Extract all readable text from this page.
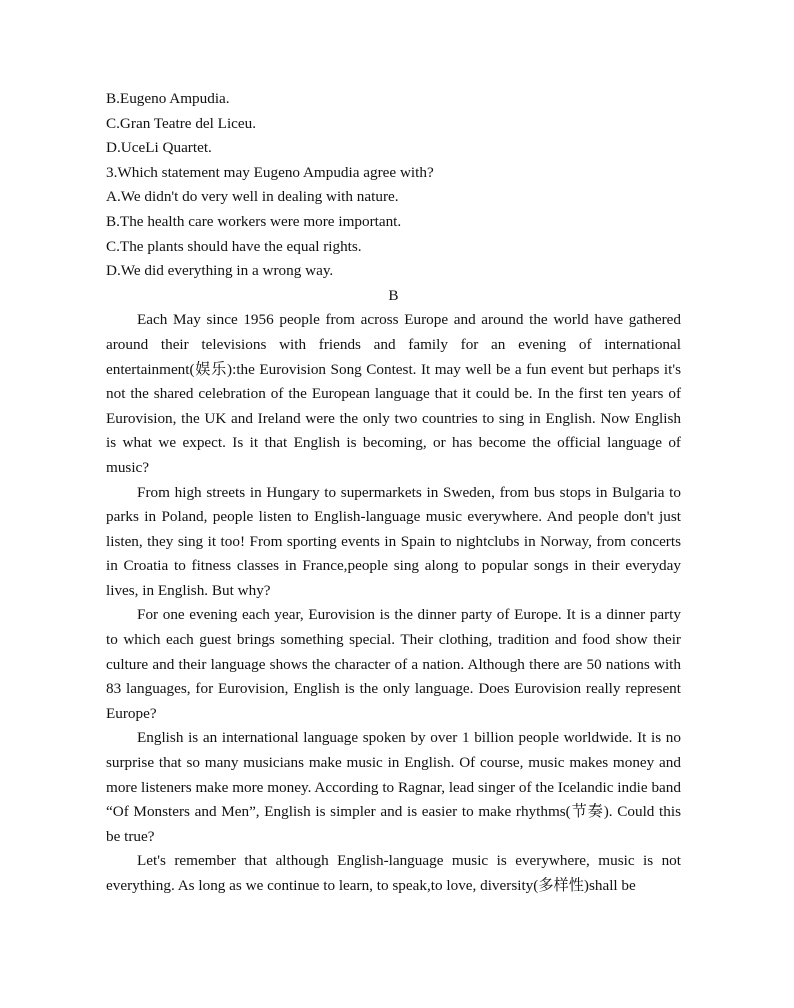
B.Eugeno Ampudia.

C.Gran Teatre del Liceu.

D.UceLi Quartet.

3.Which statement may Eugeno Ampudia agree with?

A.We didn't do very well in dealing with nature.

B.The health care workers were more important.

C.The plants should have the equal rights.

D.We did everything in a wrong way.

B

Each May since 1956 people from across Europe and around the world have gathered around their televisions with friends and family for an evening of international entertainment(娱乐):the Eurovision Song Contest. It may well be a fun event but perhaps it's not the shared celebration of the European language that it could be. In the first ten years of Eurovision, the UK and Ireland were the only two countries to sing in English. Now English is what we expect. Is it that English is becoming, or has become the official language of music?

From high streets in Hungary to supermarkets in Sweden, from bus stops in Bulgaria to parks in Poland, people listen to English-language music everywhere. And people don't just listen, they sing it too! From sporting events in Spain to nightclubs in Norway, from concerts in Croatia to fitness classes in France,people sing along to popular songs in their everyday lives, in English. But why?

For one evening each year, Eurovision is the dinner party of Europe. It is a dinner party to which each guest brings something special. Their clothing, tradition and food show their culture and their language shows the character of a nation. Although there are 50 nations with 83 languages, for Eurovision, English is the only language. Does Eurovision really represent Europe?

English is an international language spoken by over 1 billion people worldwide. It is no surprise that so many musicians make music in English. Of course, music makes money and more listeners make more money. According to Ragnar, lead singer of the Icelandic indie band “Of Monsters and Men”, English is simpler and is easier to make rhythms(节奏). Could this be true?

Let's remember that although English-language music is everywhere, music is not everything. As long as we continue to learn, to speak,to love, diversity(多样性)shall be
